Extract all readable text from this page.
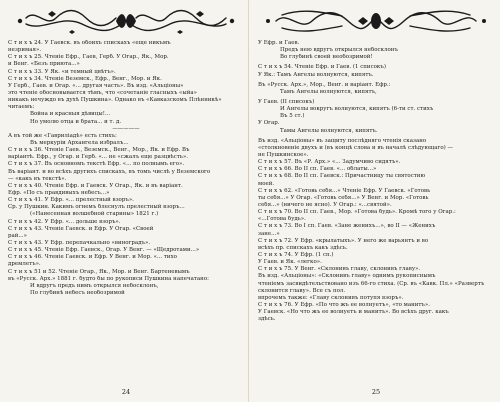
С т и х ъ 24. У Гаевск. въ обоихъ спискахъ «еще никъмъ
незримая».
С т и х ъ 25. Чтеніе Ефр., Гаев, Герб. У Огар., Як., Мор.
и Венг. «Безъ приюта...»
С т и х ъ 33. У Як. «и темный цвѣтъ».
С т и х ъ 34. Чтеніе Веземск., Ефр., Венг., Мор. и Як.
У Герб., Гаев. и Огар. «... другая часть». Въ изд. «Альціоны»
это чтеніе обосновывается тѣмъ, что «сочетаніе гласныхъ «ыйа»
никакъ нечуждо въ духѣ Пушкина». Однако въ «Кавказскомъ Плѣнникѣ»
читаемъ:
Война и красныя дѣвицы!...
Но умолю отца и брата... и т. д.
—————
А въ той же «Гавриліадѣ» есть стихъ:
Въ меркуріи Архангела избралъ...
С т и х ъ 36. Чтеніе Гаев., Веземск., Венг., Мор., Як. и Ефр. Въ
варіантѣ. Ефр., у Огар. и Герб. «... не «сжалъ еще разцвѣсть».
С т и х ъ 37. Въ основномъ текстѣ Ефр. «... по полнымъ его».
Въ варіант. и во всѣхъ другихъ спискахъ, въ томъ числѣ у Веземского
— «какъ въ текстѣ».
С т и х ъ 40. Чтеніе Ефр. и Гаевск. У Огар., Як. и въ варіант.
Ефр. «По съ правдивыхъ небесъ...»
С т и х ъ 41. У Ефр. «... прелестный взоръ».
Ср. у Пушкин. Какимъ огнемъ блеснулъ прелестный взоръ...
(«Нанесенная волшебной старины» 1821 г.)
С т и х ъ 42. У Ефр. «... дольше взоръ».
С т и х ъ 43. Чтеніе Гаевск. и Ефр. У Огар. «Своей
рай...»
С т и х ъ 43. У Ефр. перепачкально «виноградъ».
С т и х ъ 45. Чтеніе Ефр. Гаевск., Огар. У Венг. — «Щедротами...»
С т и х ъ 46. Чтеніе Гаевск. и Ефр. У Венг. и Мор. «... тихо
дремлетъ».
С т и х ъ 51 и 52. Чтеніе Огар., Як., Мор. и Венг. Бартеневымъ
въ «Русск. Арх.» 1881 г. будто бы по рукописи Пушкина напечатано:
И вдругъ предъ нимъ открылся небосклонъ,
По глубинѣ небесъ необозримой
24
У Ефр. и Гаев.
Предъ нею вдругъ открылся небосклонъ
Во глубинѣ своей необозримой!
С т и х ъ 54. Чтеніе Ефр. и Гаев. (1 списокъ)
У Як.: Тамъ Ангелы волнуются, кипятъ.
Въ «Русск. Арх.», Мор., Венг. и варіант. Ефр.:
Тамъ Ангелы волнуются, кипятъ,
У Гаев. (II списокъ)
И Ангелы вокругъ волнуются, кипятъ (6-ти ст. стихъ
Въ 5 ст.)
У Огар.
Тамы Ангелы волнуются, кипятъ.
Въ изд. «Альціоны» въ защиту послѣдняго чтенія сказано
«столкновеніе двухъ и (въ концѣ слова и въ началѣ слѣдующаго) —
не Пушкинское».
С т и х ъ 57. Въ «Р. Арх.» «... Задумчиво сидятъ».
С т и х ъ 66. Во II сп. Гаев. «... облаты...»
С т и х ъ 68. Во II сп. Гаевск.: Причастницу ты святостию
моей.
С т и х ъ 62. «Готовь себя...» Чтеніе Ефр. У Гаевск. «Готовь
ты себя...» У Огар. «Готовь себя...» У Венг. и Мор. «Готовь
себя...» (ничего не ясно). У Огар.: «...святой».
С т и х ъ 70. Во II сп. Гаев., Мор. «Готова будь». Кромѣ того у Огар.:
«...Готова будь».
С т и х ъ 73. Во I сп. Гаев. «Зане женихъ...», во II — «Женихъ
зане...»
С т и х ъ 72. У Ефр. «крылатыхъ». У него же варьянтъ и во
всѣхъ пр. спискахъ какъ здѣсь.
С т и х ъ 74. У Ефр. (1 сп.)
У Гаев. и Як. «легко».
С т и х ъ 75. У Венг. «Склонивъ главу, склонивъ главу».
Въ изд. «Альціоны»: «Склонивъ главу» однимъ рукописнымъ
чтеніемъ засвидѣтельствовано изъ 66-го стиха. (Ср. въ «Кавк. Пл.» «Развертъ
склонится главу». Все съ пол.
впрочемъ также: «Главу склонивъ потупя взоръ».
С т и х ъ 76. У Ефр. «По что жъ ее волнуетъ», «то манитъ».
У Гаевск. «Но что жъ ее волнуетъ и манитъ». Во всѣхъ друг. какъ
здѣсь.
25
